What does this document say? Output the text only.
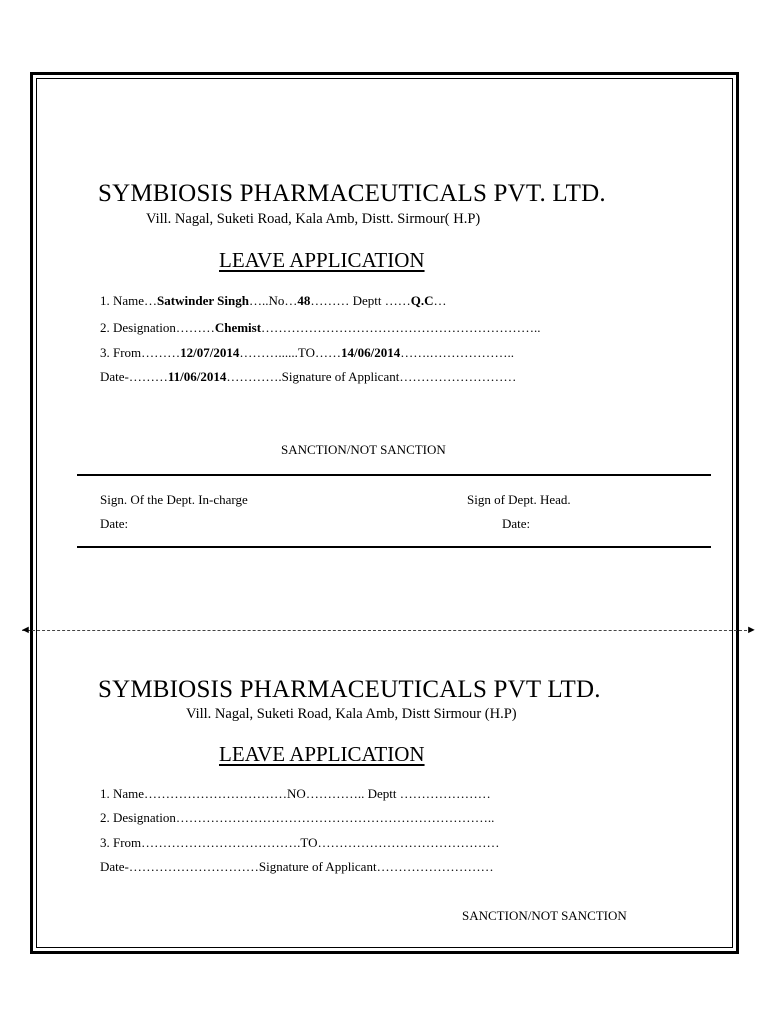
SYMBIOSIS PHARMACEUTICALS PVT. LTD.
Vill. Nagal, Suketi Road, Kala Amb, Distt. Sirmour( H.P)
LEAVE APPLICATION
1. Name…Satwinder Singh…..No…48……… Deptt ……Q.C…
2. Designation………Chemist………………………………………………………..
3. From………12/07/2014………......TO……14/06/2014…….………………..
Date-………11/06/2014………….Signature of Applicant………………………
SANCTION/NOT SANCTION
Sign. Of the Dept. In-charge	Sign of Dept. Head.
Date:	Date:
◄	►
SYMBIOSIS PHARMACEUTICALS PVT LTD.
Vill. Nagal, Suketi Road, Kala Amb, Distt Sirmour (H.P)
LEAVE APPLICATION
1. Name……………………………NO………….. Deptt …………………
2. Designation………………………………………………………………..
3. From……………………………….TO……………………………………
Date-…………………………Signature of Applicant………………………
SANCTION/NOT SANCTION
